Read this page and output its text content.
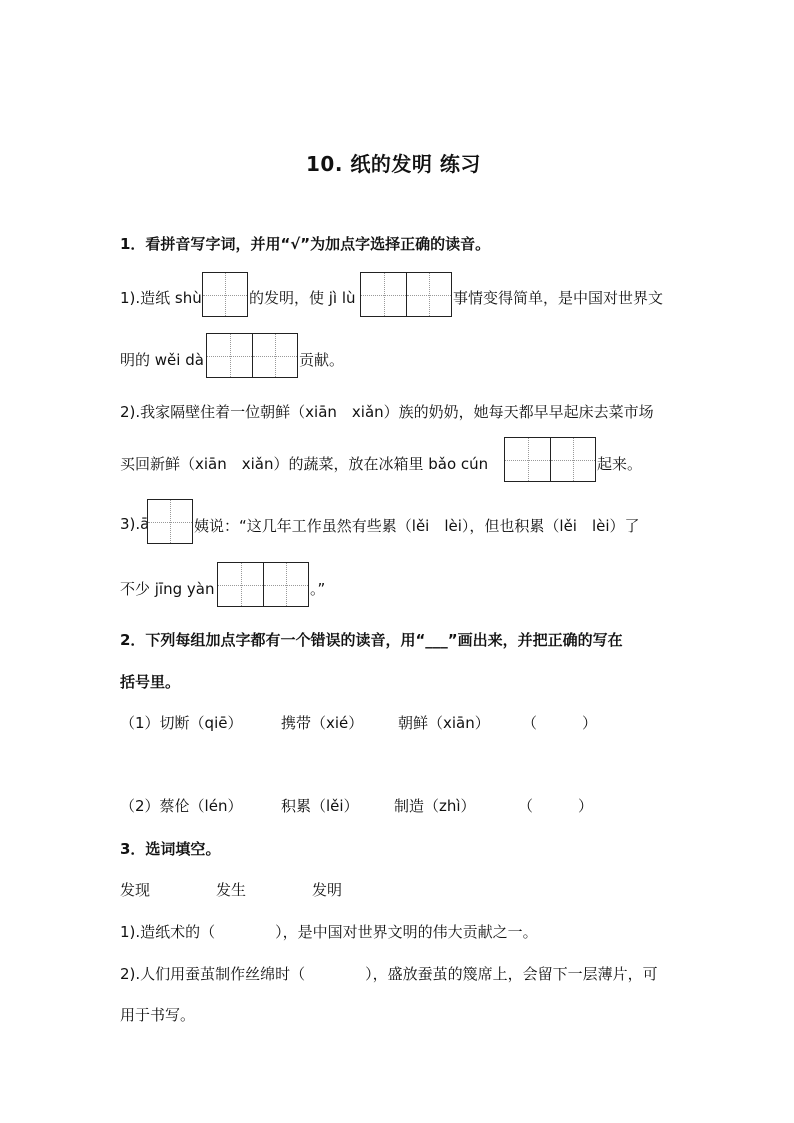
10. 纸的发明 练习
1．看拼音写字词，并用“√”为加点字选择正确的读音。
1).造纸 shù	的发明，使 jì lù	事情变得简单，是中国对世界文
明的 wěi dà	贡献。
2).我家隔壁住着一位朝鲜（xiān　xiǎn）族的奶奶，她每天都早早起床去菜市场
买回新鲜（xiān　xiǎn）的蔬菜，放在冰箱里 bǎo cún	起来。
3).ā	姨说：“这几年工作虽然有些累（lěi　lèi），但也积累（lěi　lèi）了
不少 jīng yàn	。”
2．下列每组加点字都有一个错误的读音，用“___”画出来，并把正确的写在
括号里。
（1）切断（qiē）	携带（xié） 朝鲜（xiān） （　　　）
（2）蔡伦（lén）	积累（lěi） 制造（zhì）	（　　　）
3．选词填空。
发现	发生	发明
1).造纸术的（　　　　），是中国对世界文明的伟大贡献之一。
2).人们用蚕茧制作丝绵时（　　　　），盛放蚕茧的篾席上，会留下一层薄片，可
用于书写。
